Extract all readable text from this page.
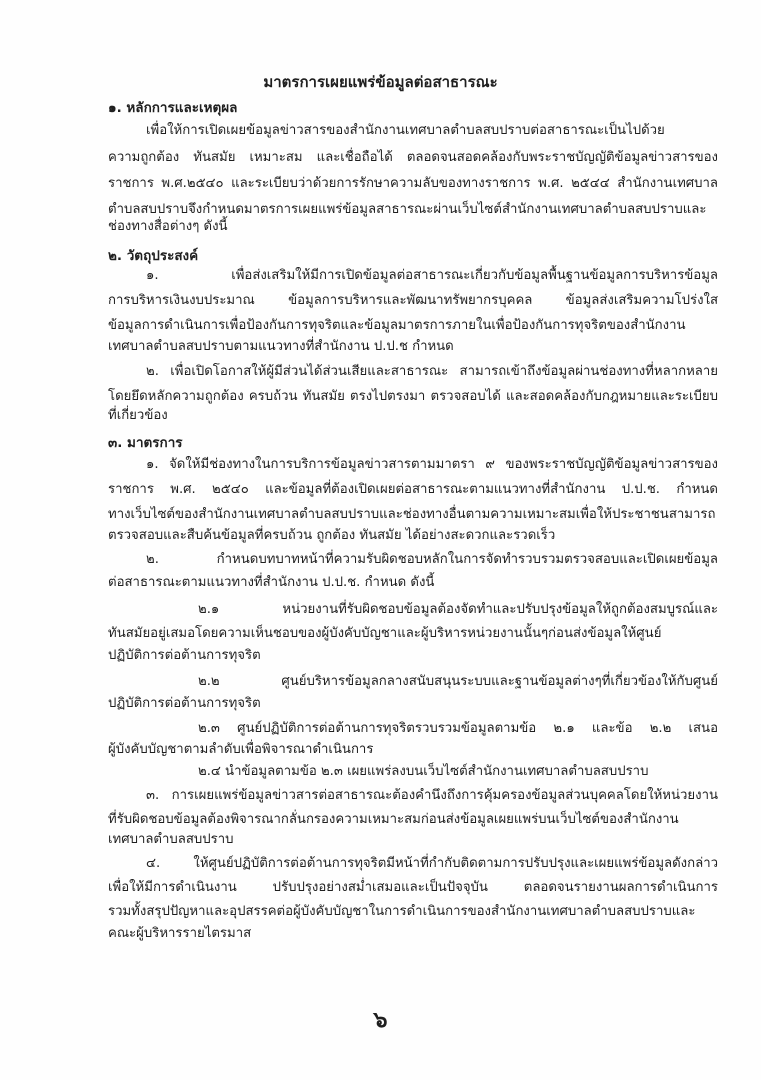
มาตรการเผยแพร่ข้อมูลต่อสาธารณะ
๑. หลักการและเหตุผล
เพื่อให้การเปิดเผยข้อมูลข่าวสารของสำนักงานเทศบาลตำบลสบปราบต่อสาธารณะเป็นไปด้วย
ความถูกต้อง ทันสมัย เหมาะสม และเชื่อถือได้ ตลอดจนสอดคล้องกับพระราชบัญญัติข้อมูลข่าวสารของ
ราชการ พ.ศ.๒๕๔๐ และระเบียบว่าด้วยการรักษาความลับของทางราชการ พ.ศ. ๒๕๔๔ สำนักงานเทศบาล
ตำบลสบปราบจึงกำหนดมาตรการเผยแพร่ข้อมูลสาธารณะผ่านเว็บไซต์สำนักงานเทศบาลตำบลสบปราบและ
ช่องทางสื่อต่างๆ ดังนี้
๒. วัตถุประสงค์
๑. เพื่อส่งเสริมให้มีการเปิดข้อมูลต่อสาธารณะเกี่ยวกับข้อมูลพื้นฐานข้อมูลการบริหารข้อมูล
การบริหารเงินงบประมาณ ข้อมูลการบริหารและพัฒนาทรัพยากรบุคคล ข้อมูลส่งเสริมความโปร่งใส
ข้อมูลการดำเนินการเพื่อป้องกันการทุจริตและข้อมูลมาตรการภายในเพื่อป้องกันการทุจริตของสำนักงาน
เทศบาลตำบลสบปราบตามแนวทางที่สำนักงาน ป.ป.ช กำหนด
๒. เพื่อเปิดโอกาสให้ผู้มีส่วนได้ส่วนเสียและสาธารณะ สามารถเข้าถึงข้อมูลผ่านช่องทางที่หลากหลาย
โดยยึดหลักความถูกต้อง ครบถ้วน ทันสมัย ตรงไปตรงมา ตรวจสอบได้ และสอดคล้องกับกฎหมายและระเบียบ
ที่เกี่ยวข้อง
๓. มาตรการ
๑. จัดให้มีช่องทางในการบริการข้อมูลข่าวสารตามมาตรา ๙ ของพระราชบัญญัติข้อมูลข่าวสารของ
ราชการ พ.ศ. ๒๕๔๐ และข้อมูลที่ต้องเปิดเผยต่อสาธารณะตามแนวทางที่สำนักงาน ป.ป.ช. กำหนด
ทางเว็บไซต์ของสำนักงานเทศบาลตำบลสบปราบและช่องทางอื่นตามความเหมาะสมเพื่อให้ประชาชนสามารถ
ตรวจสอบและสืบค้นข้อมูลที่ครบถ้วน ถูกต้อง ทันสมัย ได้อย่างสะดวกและรวดเร็ว
๒. กำหนดบทบาทหน้าที่ความรับผิดชอบหลักในการจัดทำรวบรวมตรวจสอบและเปิดเผยข้อมูล
ต่อสาธารณะตามแนวทางที่สำนักงาน ป.ป.ช. กำหนด ดังนี้
๒.๑ หน่วยงานที่รับผิดชอบข้อมูลต้องจัดทำและปรับปรุงข้อมูลให้ถูกต้องสมบูรณ์และ
ทันสมัยอยู่เสมอโดยความเห็นชอบของผู้บังคับบัญชาและผู้บริหารหน่วยงานนั้นๆก่อนส่งข้อมูลให้ศูนย์
ปฏิบัติการต่อต้านการทุจริต
๒.๒ ศูนย์บริหารข้อมูลกลางสนับสนุนระบบและฐานข้อมูลต่างๆที่เกี่ยวข้องให้กับศูนย์
ปฏิบัติการต่อต้านการทุจริต
๒.๓ ศูนย์ปฏิบัติการต่อต้านการทุจริตรวบรวมข้อมูลตามข้อ ๒.๑ และข้อ ๒.๒ เสนอ
ผู้บังคับบัญชาตามลำดับเพื่อพิจารณาดำเนินการ
๒.๔ นำข้อมูลตามข้อ ๒.๓ เผยแพร่ลงบนเว็บไซต์สำนักงานเทศบาลตำบลสบปราบ
๓. การเผยแพร่ข้อมูลข่าวสารต่อสาธารณะต้องคำนึงถึงการคุ้มครองข้อมูลส่วนบุคคลโดยให้หน่วยงาน
ที่รับผิดชอบข้อมูลต้องพิจารณากลั่นกรองความเหมาะสมก่อนส่งข้อมูลเผยแพร่บนเว็บไซต์ของสำนักงาน
เทศบาลตำบลสบปราบ
๔. ให้ศูนย์ปฏิบัติการต่อต้านการทุจริตมีหน้าที่กำกับติดตามการปรับปรุงและเผยแพร่ข้อมูลดังกล่าว
เพื่อให้มีการดำเนินงาน ปรับปรุงอย่างสม่ำเสมอและเป็นปัจจุบัน ตลอดจนรายงานผลการดำเนินการ
รวมทั้งสรุปปัญหาและอุปสรรคต่อผู้บังคับบัญชาในการดำเนินการของสำนักงานเทศบาลตำบลสบปราบและ
คณะผู้บริหารรายไตรมาส
๖
